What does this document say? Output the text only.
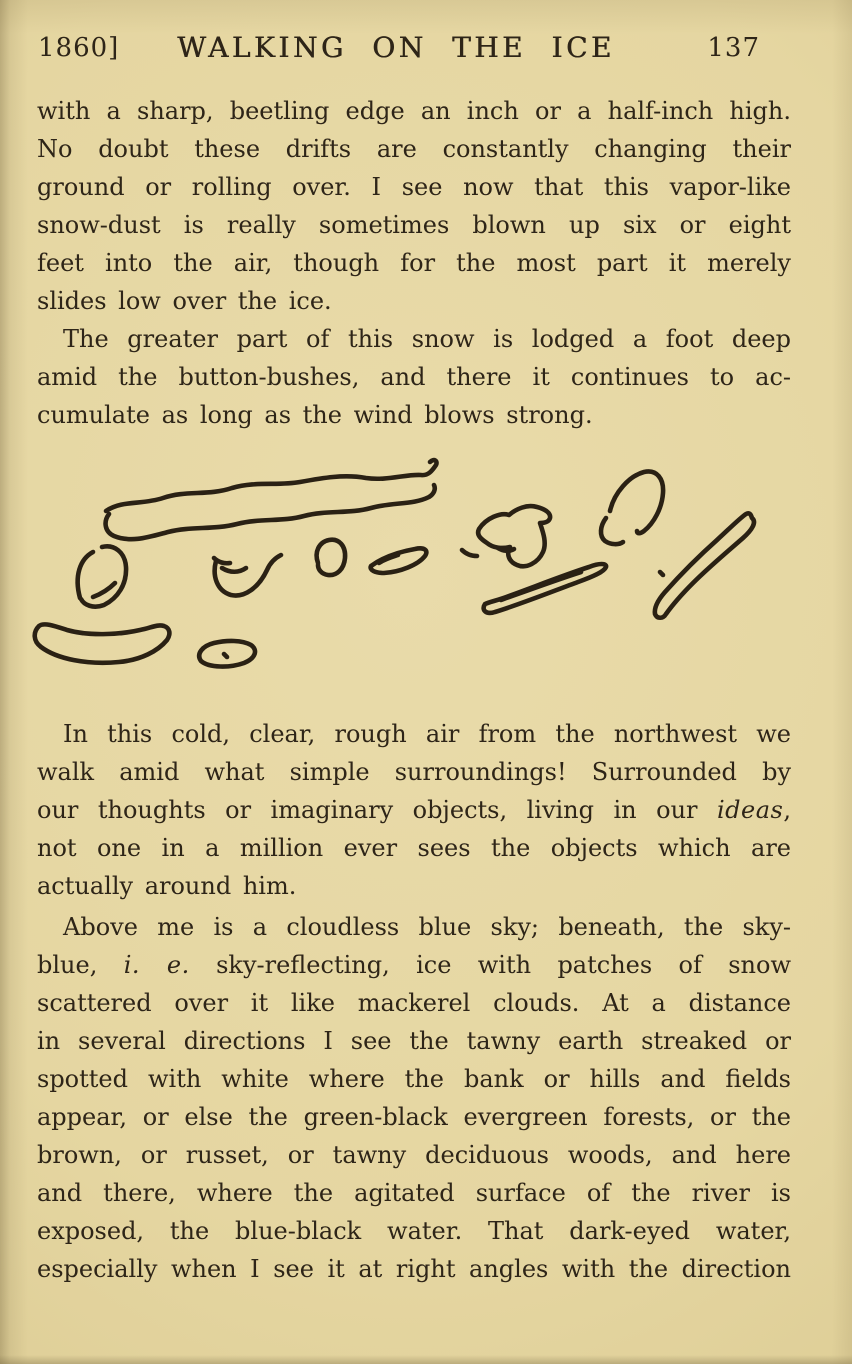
1860] WALKING ON THE ICE	137
with a sharp, beetling edge an inch or a half-inch high.
No doubt these drifts are constantly changing their
ground or rolling over. I see now that this vapor-like
snow-dust is really sometimes blown up six or eight
feet into the air, though for the most part it merely
slides low over the ice.
The greater part of this snow is lodged a foot deep
amid the button-bushes, and there it continues to ac-
cumulate as long as the wind blows strong.
In this cold, clear, rough air from the northwest we
walk amid what simple surroundings! Surrounded by
our thoughts or imaginary objects, living in our ideas,
not one in a million ever sees the objects which are
actually around him.
Above me is a cloudless blue sky; beneath, the sky-
blue, i. e. sky-reflecting, ice with patches of snow
scattered over it like mackerel clouds. At a distance
in several directions I see the tawny earth streaked or
spotted with white where the bank or hills and fields
appear, or else the green-black evergreen forests, or the
brown, or russet, or tawny deciduous woods, and here
and there, where the agitated surface of the river is
exposed, the blue-black water. That dark-eyed water,
especially when I see it at right angles with the direction
